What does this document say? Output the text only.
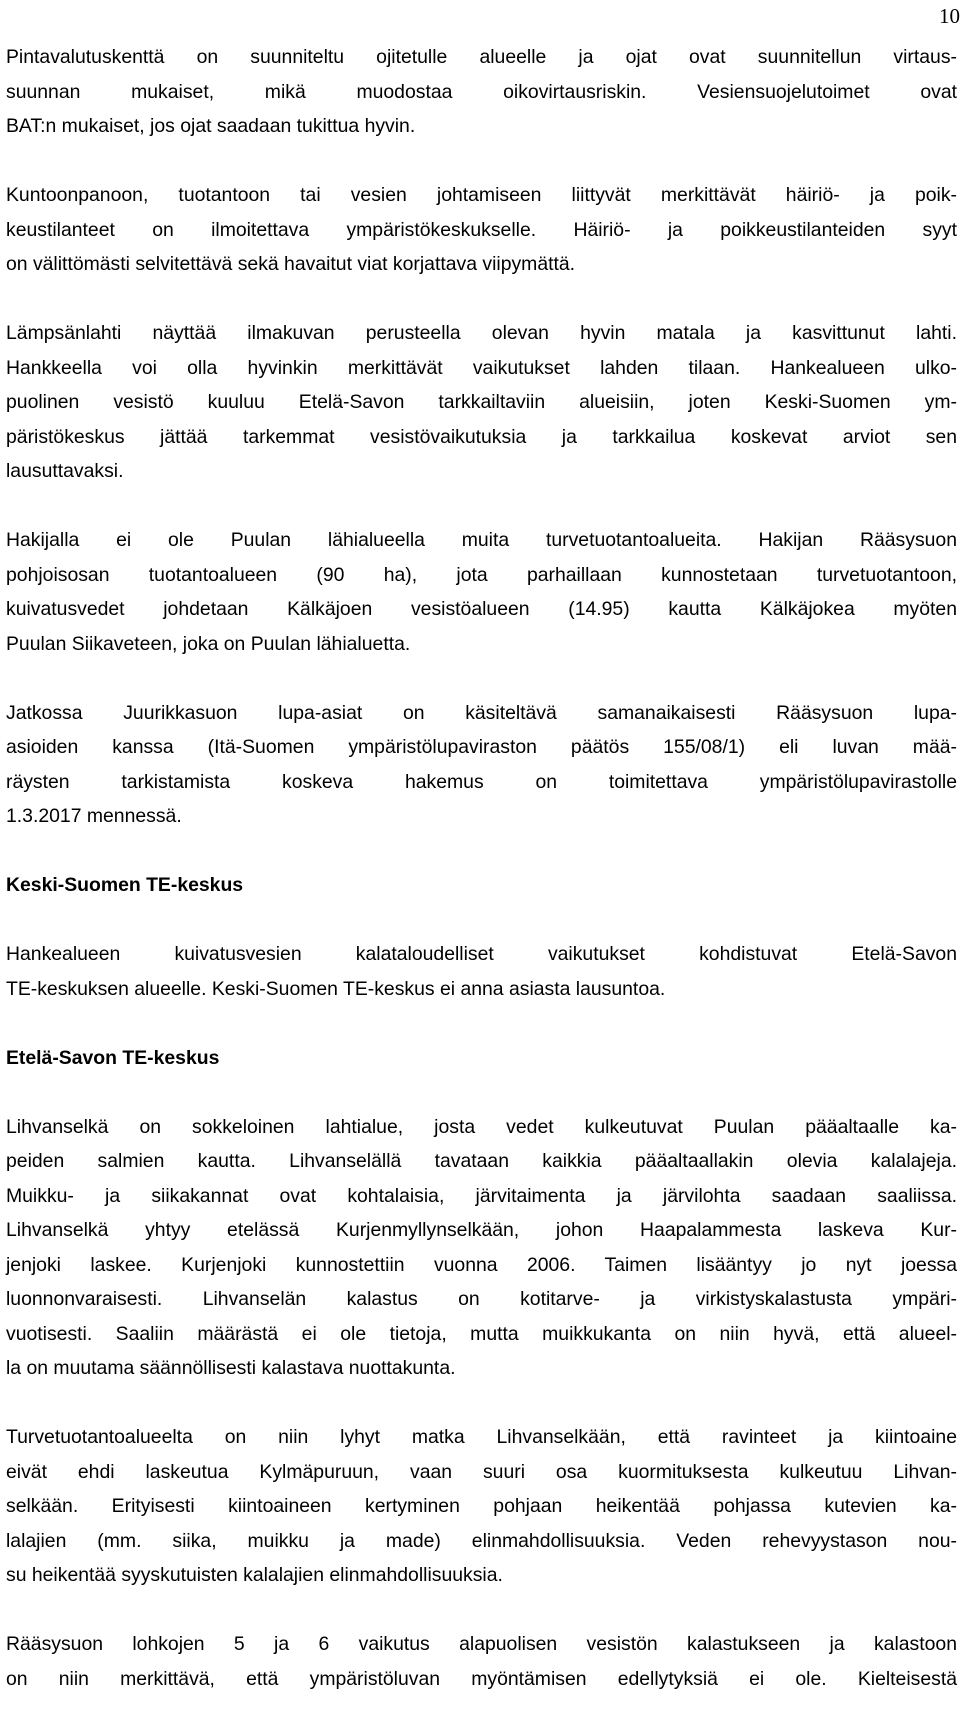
10
Pintavalutuskenttä on suunniteltu ojitetulle alueelle ja ojat ovat suunnitellun virtaus-
suunnan mukaiset, mikä muodostaa oikovirtausriskin. Vesiensuojelutoimet ovat
BAT:n mukaiset, jos ojat saadaan tukittua hyvin.
Kuntoonpanoon, tuotantoon tai vesien johtamiseen liittyvät merkittävät häiriö- ja poik-
keustilanteet on ilmoitettava ympäristökeskukselle. Häiriö- ja poikkeustilanteiden syyt
on välittömästi selvitettävä sekä havaitut viat korjattava viipymättä.
Lämpsänlahti näyttää ilmakuvan perusteella olevan hyvin matala ja kasvittunut lahti.
Hankkeella voi olla hyvinkin merkittävät vaikutukset lahden tilaan. Hankealueen ulko-
puolinen vesistö kuuluu Etelä-Savon tarkkailtaviin alueisiin, joten Keski-Suomen ym-
päristökeskus jättää tarkemmat vesistövaikutuksia ja tarkkailua koskevat arviot sen
lausuttavaksi.
Hakijalla ei ole Puulan lähialueella muita turvetuotantoalueita. Hakijan Rääsysuon
pohjoisosan tuotantoalueen (90 ha), jota parhaillaan kunnostetaan turvetuotantoon,
kuivatusvedet johdetaan Kälkäjoen vesistöalueen (14.95) kautta Kälkäjokea myöten
Puulan Siikaveteen, joka on Puulan lähialuetta.
Jatkossa Juurikkasuon lupa-asiat on käsiteltävä samanaikaisesti Rääsysuon lupa-
asioiden kanssa (Itä-Suomen ympäristölupaviraston päätös 155/08/1) eli luvan mää-
räysten tarkistamista koskeva hakemus on toimitettava ympäristölupavirastolle
1.3.2017 mennessä.
Keski-Suomen TE-keskus
Hankealueen kuivatusvesien kalataloudelliset vaikutukset kohdistuvat Etelä-Savon
TE-keskuksen alueelle. Keski-Suomen TE-keskus ei anna asiasta lausuntoa.
Etelä-Savon TE-keskus
Lihvanselkä on sokkeloinen lahtialue, josta vedet kulkeutuvat Puulan pääaltaalle ka-
peiden salmien kautta. Lihvanselällä tavataan kaikkia pääaltaallakin olevia kalalajeja.
Muikku- ja siikakannat ovat kohtalaisia, järvitaimenta ja järvilohta saadaan saaliissa.
Lihvanselkä yhtyy etelässä Kurjenmyllynselkään, johon Haapalammesta laskeva Kur-
jenjoki laskee. Kurjenjoki kunnostettiin vuonna 2006. Taimen lisääntyy jo nyt joessa
luonnonvaraisesti. Lihvanselän kalastus on kotitarve- ja virkistyskalastusta ympäri-
vuotisesti. Saaliin määrästä ei ole tietoja, mutta muikkukanta on niin hyvä, että alueel-
la on muutama säännöllisesti kalastava nuottakunta.
Turvetuotantoalueelta on niin lyhyt matka Lihvanselkään, että ravinteet ja kiintoaine
eivät ehdi laskeutua Kylmäpuruun, vaan suuri osa kuormituksesta kulkeutuu Lihvan-
selkään. Erityisesti kiintoaineen kertyminen pohjaan heikentää pohjassa kutevien ka-
lalajien (mm. siika, muikku ja made) elinmahdollisuuksia. Veden rehevyystason nou-
su heikentää syyskutuisten kalalajien elinmahdollisuuksia.
Rääsysuon lohkojen 5 ja 6 vaikutus alapuolisen vesistön kalastukseen ja kalastoon
on niin merkittävä, että ympäristöluvan myöntämisen edellytyksiä ei ole. Kielteisestä
